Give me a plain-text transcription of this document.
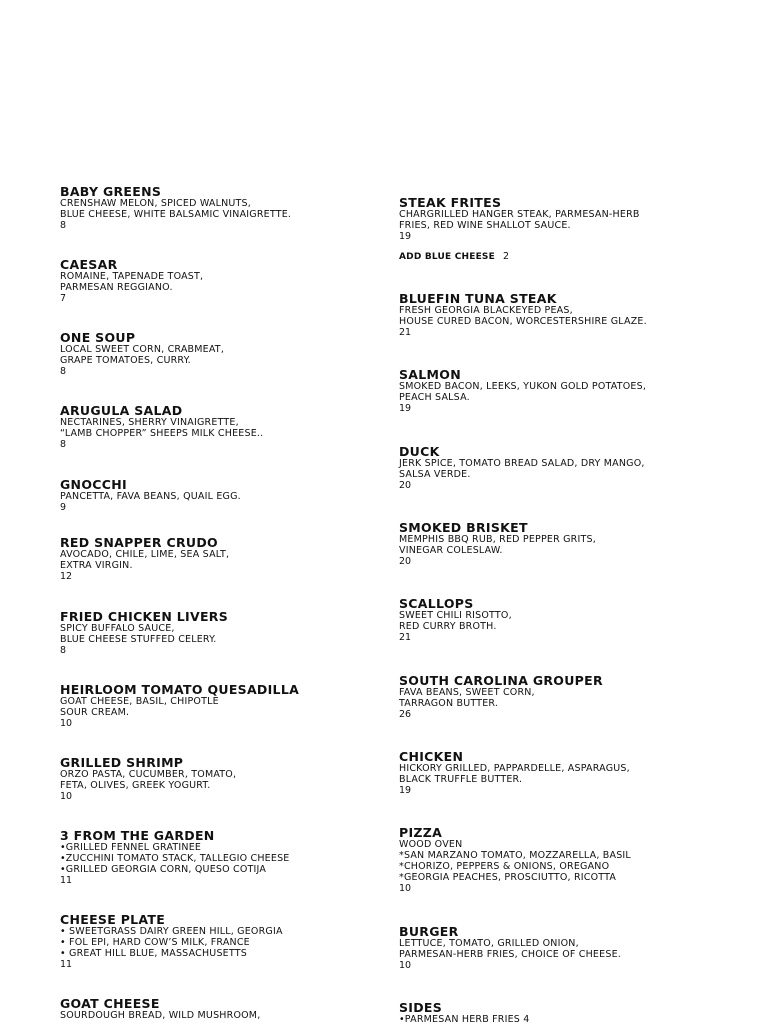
BABY GREENS

CRENSHAW MELON, SPICED WALNUTS,
BLUE CHEESE, WHITE BALSAMIC VINAIGRETTE.

8

CAESAR

ROMAINE, TAPENADE TOAST,
PARMESAN REGGIANO.

7

ONE SOUP

LOCAL SWEET CORN, CRABMEAT,
GRAPE TOMATOES, CURRY.

8

ARUGULA SALAD

NECTARINES, SHERRY VINAIGRETTE,
“LAMB CHOPPER” SHEEPS MILK CHEESE..

8

GNOCCHI

PANCETTA, FAVA BEANS, QUAIL EGG.

9

RED SNAPPER CRUDO

AVOCADO, CHILE, LIME, SEA SALT,
EXTRA VIRGIN.

12

FRIED CHICKEN LIVERS

SPICY BUFFALO SAUCE,
BLUE CHEESE STUFFED CELERY.

8

HEIRLOOM TOMATO QUESADILLA

GOAT CHEESE, BASIL, CHIPOTLE
SOUR CREAM.

10

GRILLED SHRIMP

ORZO PASTA, CUCUMBER, TOMATO,
FETA, OLIVES, GREEK YOGURT.

10

3 FROM THE GARDEN

•GRILLED FENNEL GRATINEE
•ZUCCHINI TOMATO STACK, TALLEGIO CHEESE
•GRILLED GEORGIA CORN, QUESO COTIJA

11

CHEESE PLATE

• SWEETGRASS DAIRY GREEN HILL, GEORGIA
• FOL EPI, HARD COW’S MILK, FRANCE
• GREAT HILL BLUE, MASSACHUSETTS

11

GOAT CHEESE

SOURDOUGH BREAD, WILD MUSHROOM,

STEAK FRITES

CHARGRILLED HANGER STEAK, PARMESAN-HERB
FRIES, RED WINE SHALLOT SAUCE.

19

ADD BLUE CHEESE 2

BLUEFIN TUNA STEAK

FRESH GEORGIA BLACKEYED PEAS,
HOUSE CURED BACON, WORCESTERSHIRE GLAZE.

21

SALMON

SMOKED BACON, LEEKS, YUKON GOLD POTATOES,
PEACH SALSA.

19

DUCK

JERK SPICE, TOMATO BREAD SALAD, DRY MANGO,
SALSA VERDE.

20

SMOKED BRISKET

MEMPHIS BBQ RUB, RED PEPPER GRITS,
VINEGAR COLESLAW.

20

SCALLOPS

SWEET CHILI RISOTTO,
RED CURRY BROTH.

21

SOUTH CAROLINA GROUPER

FAVA BEANS, SWEET CORN,
TARRAGON BUTTER.

26

CHICKEN

HICKORY GRILLED, PAPPARDELLE, ASPARAGUS,
BLACK TRUFFLE BUTTER.

19

PIZZA

WOOD OVEN
*SAN MARZANO TOMATO, MOZZARELLA, BASIL
*CHORIZO, PEPPERS & ONIONS, OREGANO
*GEORGIA PEACHES, PROSCIUTTO, RICOTTA

10

BURGER

LETTUCE, TOMATO, GRILLED ONION,
PARMESAN-HERB FRIES, CHOICE OF CHEESE.

10

SIDES

•PARMESAN HERB FRIES 4
